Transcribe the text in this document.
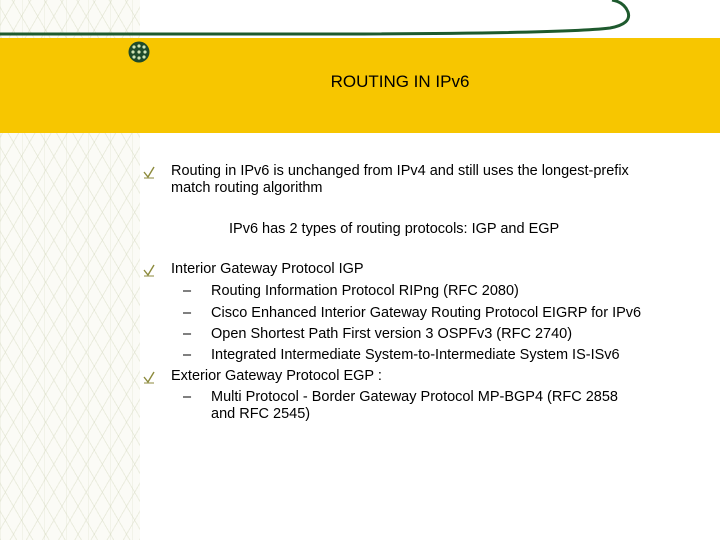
ROUTING IN IPv6
Routing in IPv6 is unchanged from IPv4 and still uses the longest-prefix
match routing algorithm
IPv6 has 2 types of routing protocols: IGP and EGP
Interior Gateway Protocol IGP
– Routing Information Protocol RIPng (RFC 2080)
– Cisco Enhanced Interior Gateway Routing Protocol EIGRP for IPv6
– Open Shortest Path First version 3 OSPFv3 (RFC 2740)
– Integrated Intermediate System-to-Intermediate System IS-ISv6
Exterior Gateway Protocol EGP :
– Multi Protocol - Border Gateway Protocol MP-BGP4 (RFC 2858
and RFC 2545)
